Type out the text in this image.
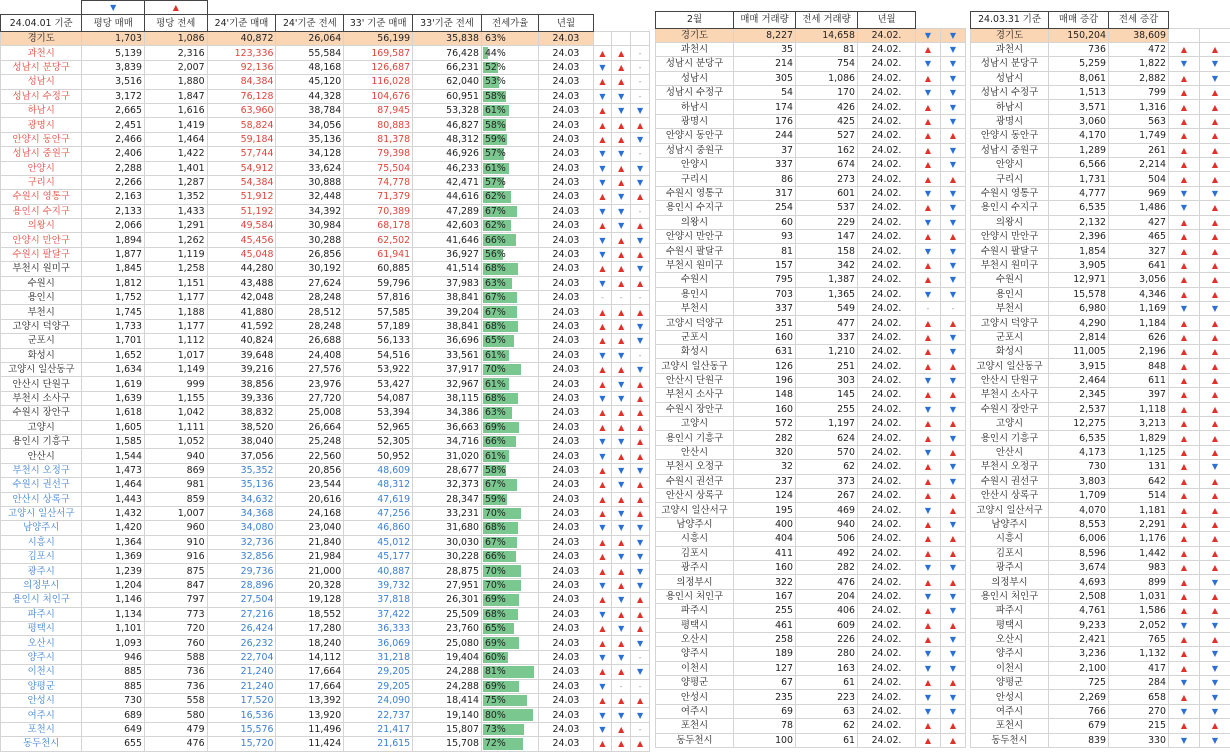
	▼	▲									
24.04.01 기준	평당 매매	평당 전세	24'기준 매매	24'기준 전세	33' 기준 매매	33'기준 전세	전세가율	년월			
경기도	1,703	1,086	40,872	26,064	56,199	35,838	63%	24.03			
과천시	5,139	2,316	123,336	55,584	169,587	76,428	44%	24.03	▲	▲	-
성남시 분당구	3,839	2,007	92,136	48,168	126,687	66,231	52%	24.03	▼	▲	-
성남시	3,516	1,880	84,384	45,120	116,028	62,040	53%	24.03	▲	▲	-
성남시 수정구	3,172	1,847	76,128	44,328	104,676	60,951	58%	24.03	▼	▼	-
하남시	2,665	1,616	63,960	38,784	87,945	53,328	61%	24.03	▲	▼	▼
광명시	2,451	1,419	58,824	34,056	80,883	46,827	58%	24.03	▲	▲	▲
안양시 동안구	2,466	1,464	59,184	35,136	81,378	48,312	59%	24.03	▲	▲	▼
성남시 중원구	2,406	1,422	57,744	34,128	79,398	46,926	57%	24.03	▼	▼	-
안양시	2,288	1,401	54,912	33,624	75,504	46,233	61%	24.03	▼	▲	▼
구리시	2,266	1,287	54,384	30,888	74,778	42,471	57%	24.03	▼	▲	▼
수원시 영통구	2,163	1,352	51,912	32,448	71,379	44,616	62%	24.03	▲	▼	▲
용인시 수지구	2,133	1,433	51,192	34,392	70,389	47,289	67%	24.03	▼	▼	-
의왕시	2,066	1,291	49,584	30,984	68,178	42,603	62%	24.03	▲	▼	▲
안양시 만안구	1,894	1,262	45,456	30,288	62,502	41,646	66%	24.03	▼	▲	▼
수원시 팔달구	1,877	1,119	45,048	26,856	61,941	36,927	56%	24.03	▼	▲	▲
부천시 원미구	1,845	1,258	44,280	30,192	60,885	41,514	68%	24.03	▲	▲	▼
수원시	1,812	1,151	43,488	27,624	59,796	37,983	63%	24.03	▼	▲	▲
용인시	1,752	1,177	42,048	28,248	57,816	38,841	67%	24.03	-	-	-
부천시	1,745	1,188	41,880	28,512	57,585	39,204	67%	24.03	▲	▲	▲
고양시 덕양구	1,733	1,177	41,592	28,248	57,189	38,841	68%	24.03	▲	▲	▼
군포시	1,701	1,112	40,824	26,688	56,133	36,696	65%	24.03	▲	▲	▼
화성시	1,652	1,017	39,648	24,408	54,516	33,561	61%	24.03	▼	▼	-
고양시 일산동구	1,634	1,149	39,216	27,576	53,922	37,917	70%	24.03	▲	▲	▼
안산시 단원구	1,619	999	38,856	23,976	53,427	32,967	61%	24.03	▲	▼	▲
부천시 소사구	1,639	1,155	39,336	27,720	54,087	38,115	68%	24.03	▼	▼	▲
수원시 장안구	1,618	1,042	38,832	25,008	53,394	34,386	63%	24.03	▲	▲	▲
고양시	1,605	1,111	38,520	26,664	52,965	36,663	69%	24.03	▲	▲	▲
용인시 기흥구	1,585	1,052	38,040	25,248	52,305	34,716	66%	24.03	▼	▼	▲
안산시	1,544	940	37,056	22,560	50,952	31,020	61%	24.03	▼	▲	▲
부천시 오정구	1,473	869	35,352	20,856	48,609	28,677	58%	24.03	▲	▼	▼
수원시 권선구	1,464	981	35,136	23,544	48,312	32,373	67%	24.03	▲	▼	▲
안산시 상록구	1,443	859	34,632	20,616	47,619	28,347	59%	24.03	▲	▲	▲
고양시 일산서구	1,432	1,007	34,368	24,168	47,256	33,231	70%	24.03	▲	▼	▲
남양주시	1,420	960	34,080	23,040	46,860	31,680	68%	24.03	▼	▼	▼
시흥시	1,364	910	32,736	21,840	45,012	30,030	67%	24.03	▲	▲	▼
김포시	1,369	916	32,856	21,984	45,177	30,228	66%	24.03	▲	▼	▼
광주시	1,239	875	29,736	21,000	40,887	28,875	70%	24.03	▲	▲	▼
의정부시	1,204	847	28,896	20,328	39,732	27,951	70%	24.03	▼	▲	▼
용인시 처인구	1,146	797	27,504	19,128	37,818	26,301	69%	24.03	▲	▼	▲
파주시	1,134	773	27,216	18,552	37,422	25,509	68%	24.03	▼	▲	▲
평택시	1,101	720	26,424	17,280	36,333	23,760	65%	24.03	▲	▼	▲
오산시	1,093	760	26,232	18,240	36,069	25,080	69%	24.03	▲	▲	▼
양주시	946	588	22,704	14,112	31,218	19,404	60%	24.03	▼	▼	-
이천시	885	736	21,240	17,664	29,205	24,288	81%	24.03	▲	▲	▼
양평군	885	736	21,240	17,664	29,205	24,288	69%	24.03	▼	-	-
안성시	730	558	17,520	13,392	24,090	18,414	75%	24.03	▲	▲	▲
여주시	689	580	16,536	13,920	22,737	19,140	80%	24.03	▼	▼	▼
포천시	649	479	15,576	11,496	21,417	15,807	73%	24.03	▼	▲	-
동두천시	655	476	15,720	11,424	21,615	15,708	72%	24.03	▲	▲	▲

2월	매매 거래량	전세 거래량	년월		
경기도	8,227	14,658	24.02.	▼	▼
과천시	35	81	24.02.	▲	▼
성남시 분당구	214	754	24.02.	▼	▼
성남시	305	1,086	24.02.	▲	▼
성남시 수정구	54	170	24.02.	▼	▼
하남시	174	426	24.02.	▲	▼
광명시	176	425	24.02.	▲	▼
안양시 동안구	244	527	24.02.	▲	▲
성남시 중원구	37	162	24.02.	▲	▼
안양시	337	674	24.02.	▲	▼
구리시	86	273	24.02.	▲	▲
수원시 영통구	317	601	24.02.	▼	▼
용인시 수지구	254	537	24.02.	▲	▼
의왕시	60	229	24.02.	▼	▼
안양시 만안구	93	147	24.02.	▲	▲
수원시 팔달구	81	158	24.02.	▼	▼
부천시 원미구	157	342	24.02.	▲	▼
수원시	795	1,387	24.02.	▲	▼
용인시	703	1,365	24.02.	▼	▼
부천시	337	549	24.02.	-	-
고양시 덕양구	251	477	24.02.	▲	▲
군포시	160	337	24.02.	▲	▼
화성시	631	1,210	24.02.	▲	▼
고양시 일산동구	126	251	24.02.	▲	▲
안산시 단원구	196	303	24.02.	▼	▼
부천시 소사구	148	145	24.02.	▲	▲
수원시 장안구	160	255	24.02.	▼	▼
고양시	572	1,197	24.02.	▲	▲
용인시 기흥구	282	624	24.02.	▲	▼
안산시	320	570	24.02.	▼	▲
부천시 오정구	32	62	24.02.	▲	▼
수원시 권선구	237	373	24.02.	▲	▼
안산시 상록구	124	267	24.02.	▲	▲
고양시 일산서구	195	469	24.02.	▼	▲
남양주시	400	940	24.02.	▲	▼
시흥시	404	506	24.02.	▲	▲
김포시	411	492	24.02.	▲	▲
광주시	160	282	24.02.	▼	▼
의정부시	322	476	24.02.	▲	▲
용인시 처인구	167	204	24.02.	▼	▼
파주시	255	406	24.02.	▲	▼
평택시	461	609	24.02.	▲	▲
오산시	258	226	24.02.	▲	▼
양주시	189	280	24.02.	▼	▼
이천시	127	163	24.02.	▼	▼
양평군	67	61	24.02.	▲	▲
안성시	235	223	24.02.	▼	▼
여주시	69	63	24.02.	▼	▼
포천시	78	62	24.02.	▲	▲
동두천시	100	61	24.02.	▲	▲

24.03.31 기준	매매 증감	전세 증감		
경기도	150,204	38,609		
과천시	736	472	▲	▲
성남시 분당구	5,259	1,822	▼	▼
성남시	8,061	2,882	▲	▼
성남시 수정구	1,513	799	▲	▲
하남시	3,571	1,316	▲	▲
광명시	3,060	563	▲	▲
안양시 동안구	4,170	1,749	▲	▲
성남시 중원구	1,289	261	▲	▲
안양시	6,566	2,214	▲	▲
구리시	1,731	504	▲	▲
수원시 영통구	4,777	969	▼	▼
용인시 수지구	6,535	1,486	▼	▲
의왕시	2,132	427	▲	▲
안양시 만안구	2,396	465	▲	▲
수원시 팔달구	1,854	327	▲	▲
부천시 원미구	3,905	641	▲	▲
수원시	12,971	3,056	▲	▲
용인시	15,578	4,346	▲	▲
부천시	6,980	1,169	▼	▼
고양시 덕양구	4,290	1,184	▲	▲
군포시	2,814	626	▲	▲
화성시	11,005	2,196	▲	▲
고양시 일산동구	3,915	848	▲	▲
안산시 단원구	2,464	611	▲	▲
부천시 소사구	2,345	397	▲	▲
수원시 장안구	2,537	1,118	▲	▲
고양시	12,275	3,213	▲	▲
용인시 기흥구	6,535	1,829	▲	▲
안산시	4,173	1,125	▲	▲
부천시 오정구	730	131	▲	▼
수원시 권선구	3,803	642	▲	▲
안산시 상록구	1,709	514	▲	▲
고양시 일산서구	4,070	1,181	▲	▲
남양주시	8,553	2,291	▲	▲
시흥시	6,006	1,176	▲	▲
김포시	8,596	1,442	▲	▲
광주시	3,674	983	▲	▲
의정부시	4,693	899	▲	▼
용인시 처인구	2,508	1,031	▲	▲
파주시	4,761	1,586	▲	▲
평택시	9,233	2,052	▼	▼
오산시	2,421	765	▲	▲
양주시	3,236	1,132	▲	▼
이천시	2,100	417	▲	▼
양평군	725	284	▼	▼
안성시	2,269	658	▲	▼
여주시	766	270	▼	▼
포천시	679	215	▲	▲
동두천시	839	330	▼	▼
